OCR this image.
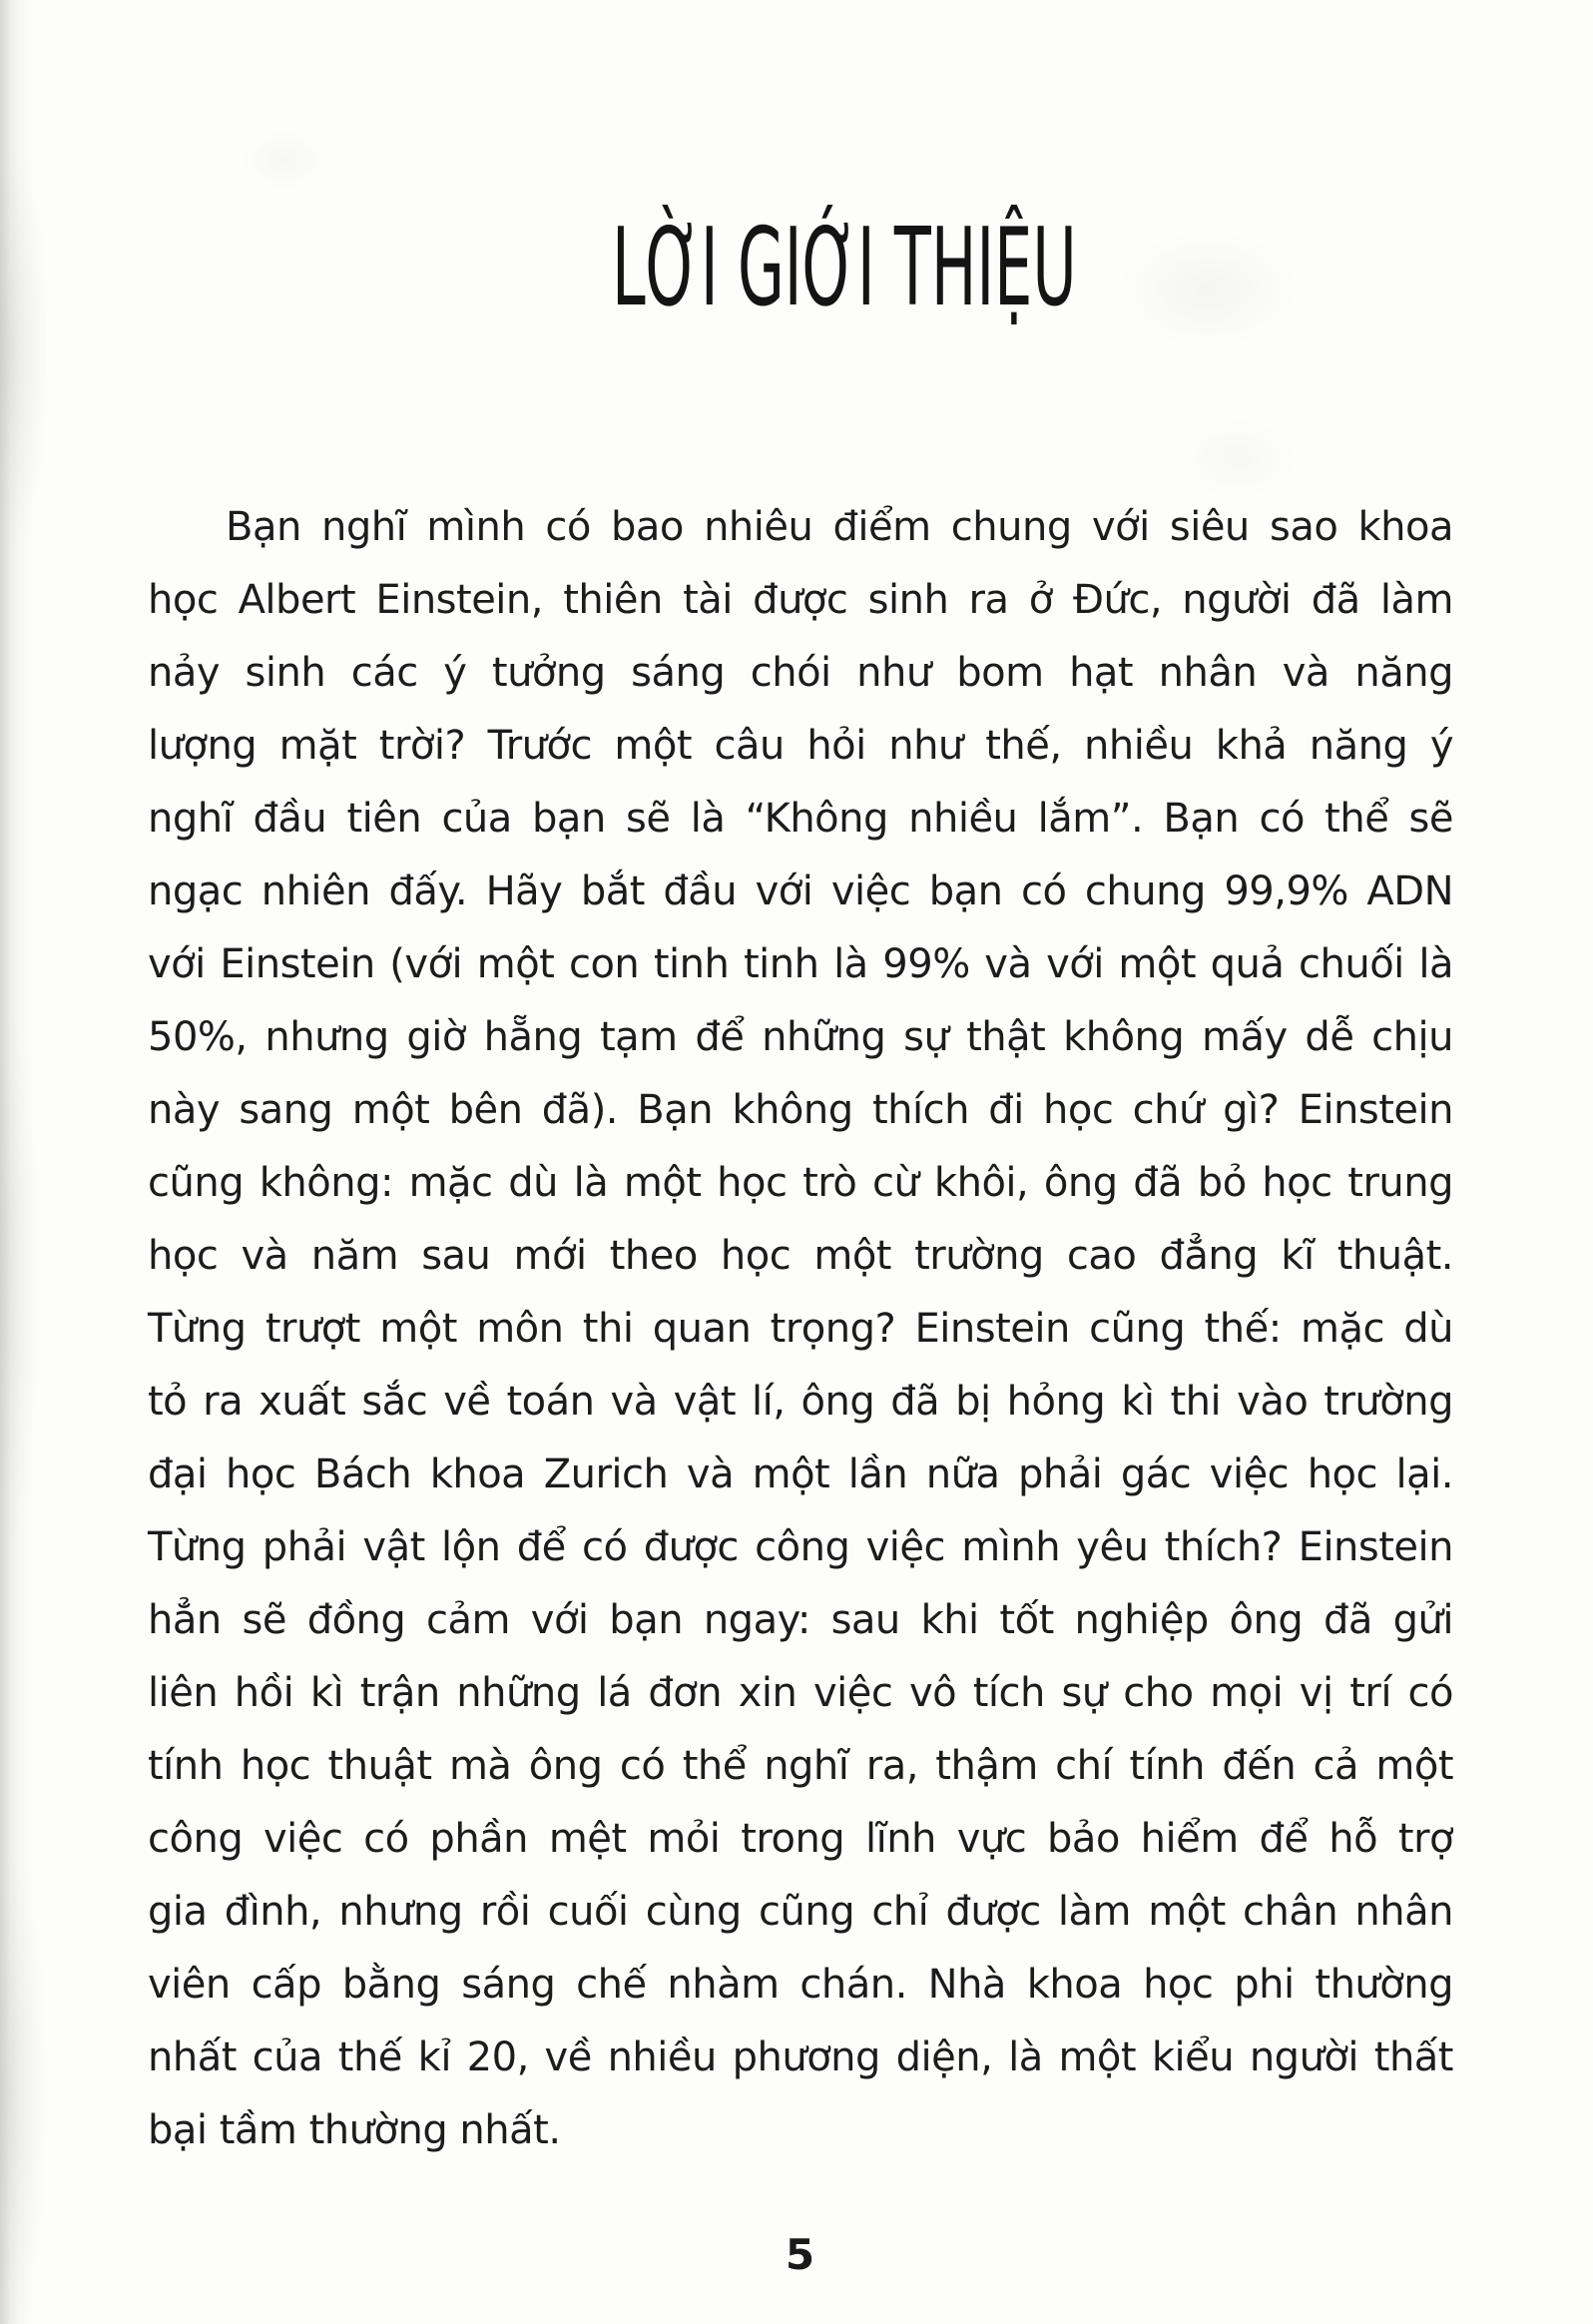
LỜI GIỚI THIỆU
Bạn nghĩ mình có bao nhiêu điểm chung với siêu sao khoa
học Albert Einstein, thiên tài được sinh ra ở Đức, người đã làm
nảy sinh các ý tưởng sáng chói như bom hạt nhân và năng
lượng mặt trời? Trước một câu hỏi như thế, nhiều khả năng ý
nghĩ đầu tiên của bạn sẽ là “Không nhiều lắm”. Bạn có thể sẽ
ngạc nhiên đấy. Hãy bắt đầu với việc bạn có chung 99,9% ADN
với Einstein (với một con tinh tinh là 99% và với một quả chuối là
50%, nhưng giờ hẵng tạm để những sự thật không mấy dễ chịu
này sang một bên đã). Bạn không thích đi học chứ gì? Einstein
cũng không: mặc dù là một học trò cừ khôi, ông đã bỏ học trung
học và năm sau mới theo học một trường cao đẳng kĩ thuật.
Từng trượt một môn thi quan trọng? Einstein cũng thế: mặc dù
tỏ ra xuất sắc về toán và vật lí, ông đã bị hỏng kì thi vào trường
đại học Bách khoa Zurich và một lần nữa phải gác việc học lại.
Từng phải vật lộn để có được công việc mình yêu thích? Einstein
hẳn sẽ đồng cảm với bạn ngay: sau khi tốt nghiệp ông đã gửi
liên hồi kì trận những lá đơn xin việc vô tích sự cho mọi vị trí có
tính học thuật mà ông có thể nghĩ ra, thậm chí tính đến cả một
công việc có phần mệt mỏi trong lĩnh vực bảo hiểm để hỗ trợ
gia đình, nhưng rồi cuối cùng cũng chỉ được làm một chân nhân
viên cấp bằng sáng chế nhàm chán. Nhà khoa học phi thường
nhất của thế kỉ 20, về nhiều phương diện, là một kiểu người thất
bại tầm thường nhất.
5
